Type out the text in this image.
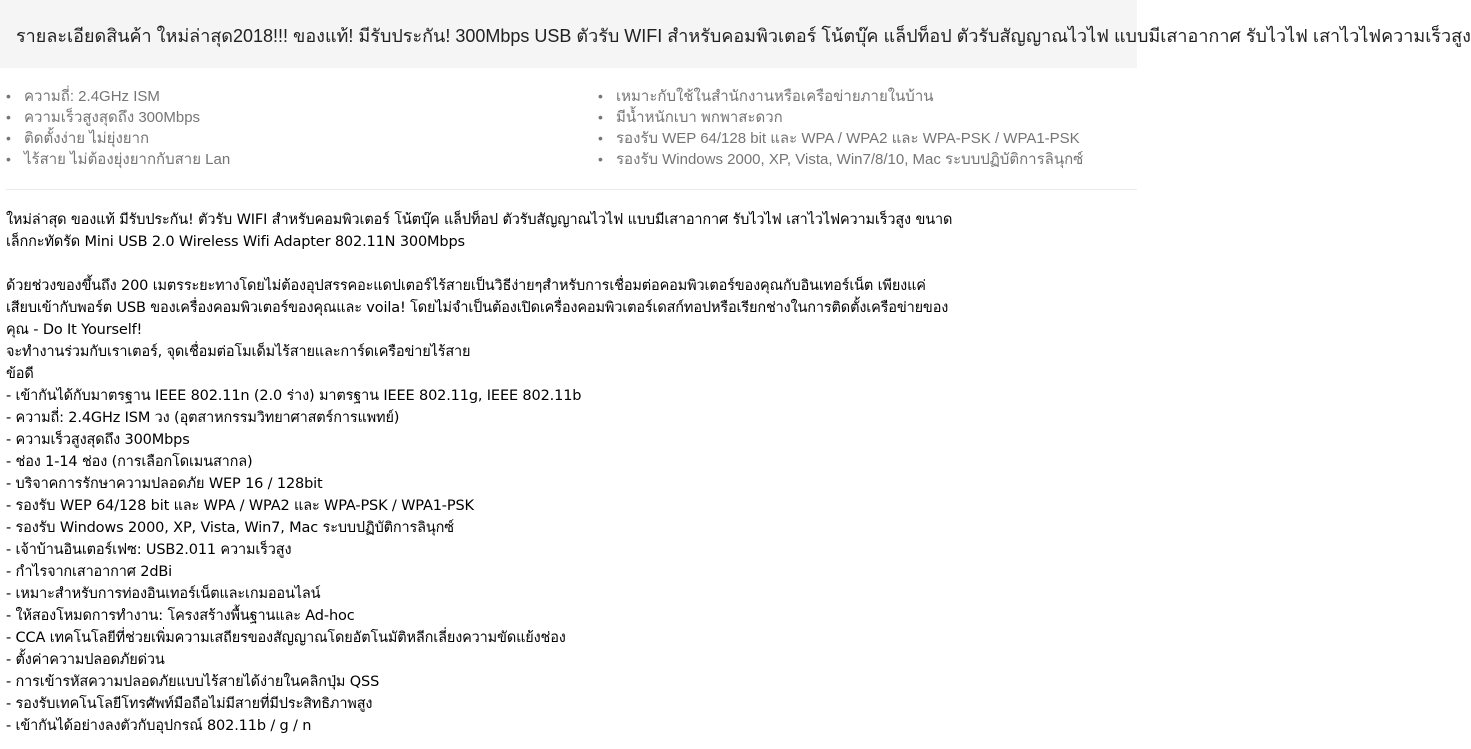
รายละเอียดสินค้า ใหม่ล่าสุด2018!!! ของแท้! มีรับประกัน! 300Mbps USB ตัวรับ WIFI สำหรับคอมพิวเตอร์ โน้ตบุ๊ค แล็ปท็อป ตัวรับสัญญาณไวไฟ แบบมีเสาอากาศ รับไวไฟ เสาไวไฟความเร็วสูง
• ความถี่: 2.4GHz ISM
• ความเร็วสูงสุดถึง 300Mbps
• ติดตั้งง่าย ไม่ยุ่งยาก
• ไร้สาย ไม่ต้องยุ่งยากกับสาย Lan
• เหมาะกับใช้ในสำนักงานหรือเครือข่ายภายในบ้าน
• มีน้ำหนักเบา พกพาสะดวก
• รองรับ WEP 64/128 bit และ WPA / WPA2 และ WPA-PSK / WPA1-PSK
• รองรับ Windows 2000, XP, Vista, Win7/8/10, Mac ระบบปฏิบัติการลินุกซ์

ใหม่ล่าสุด ของแท้ มีรับประกัน! ตัวรับ WIFI สำหรับคอมพิวเตอร์ โน้ตบุ๊ค แล็ปท็อป ตัวรับสัญญาณไวไฟ แบบมีเสาอากาศ รับไวไฟ เสาไวไฟความเร็วสูง ขนาด

เล็กกะทัดรัด Mini USB 2.0 Wireless Wifi Adapter 802.11N 300Mbps

ด้วยช่วงของขึ้นถึง 200 เมตรระยะทางโดยไม่ต้องอุปสรรคอะแดปเตอร์ไร้สายเป็นวิธีง่ายๆสำหรับการเชื่อมต่อคอมพิวเตอร์ของคุณกับอินเทอร์เน็ต เพียงแค่

เสียบเข้ากับพอร์ต USB ของเครื่องคอมพิวเตอร์ของคุณและ voila! โดยไม่จำเป็นต้องเปิดเครื่องคอมพิวเตอร์เดสก์ทอปหรือเรียกช่างในการติดตั้งเครือข่ายของ

คุณ - Do It Yourself!

จะทำงานร่วมกับเราเตอร์, จุดเชื่อมต่อโมเด็มไร้สายและการ์ดเครือข่ายไร้สาย

ข้อดี

- เข้ากันได้กับมาตรฐาน IEEE 802.11n (2.0 ร่าง) มาตรฐาน IEEE 802.11g, IEEE 802.11b

- ความถี่: 2.4GHz ISM วง (อุตสาหกรรมวิทยาศาสตร์การแพทย์)

- ความเร็วสูงสุดถึง 300Mbps

- ช่อง 1-14 ช่อง (การเลือกโดเมนสากล)

- บริจาคการรักษาความปลอดภัย WEP 16 / 128bit

- รองรับ WEP 64/128 bit และ WPA / WPA2 และ WPA-PSK / WPA1-PSK

- รองรับ Windows 2000, XP, Vista, Win7, Mac ระบบปฏิบัติการลินุกซ์

- เจ้าบ้านอินเตอร์เฟซ: USB2.011 ความเร็วสูง

- กำไรจากเสาอากาศ 2dBi

- เหมาะสำหรับการท่องอินเทอร์เน็ตและเกมออนไลน์

- ให้สองโหมดการทำงาน: โครงสร้างพื้นฐานและ Ad-hoc

- CCA เทคโนโลยีที่ช่วยเพิ่มความเสถียรของสัญญาณโดยอัตโนมัติหลีกเลี่ยงความขัดแย้งช่อง

- ตั้งค่าความปลอดภัยด่วน

- การเข้ารหัสความปลอดภัยแบบไร้สายได้ง่ายในคลิกปุ่ม QSS

- รองรับเทคโนโลยีโทรศัพท์มือถือไม่มีสายที่มีประสิทธิภาพสูง

- เข้ากันได้อย่างลงตัวกับอุปกรณ์ 802.11b / g / n
